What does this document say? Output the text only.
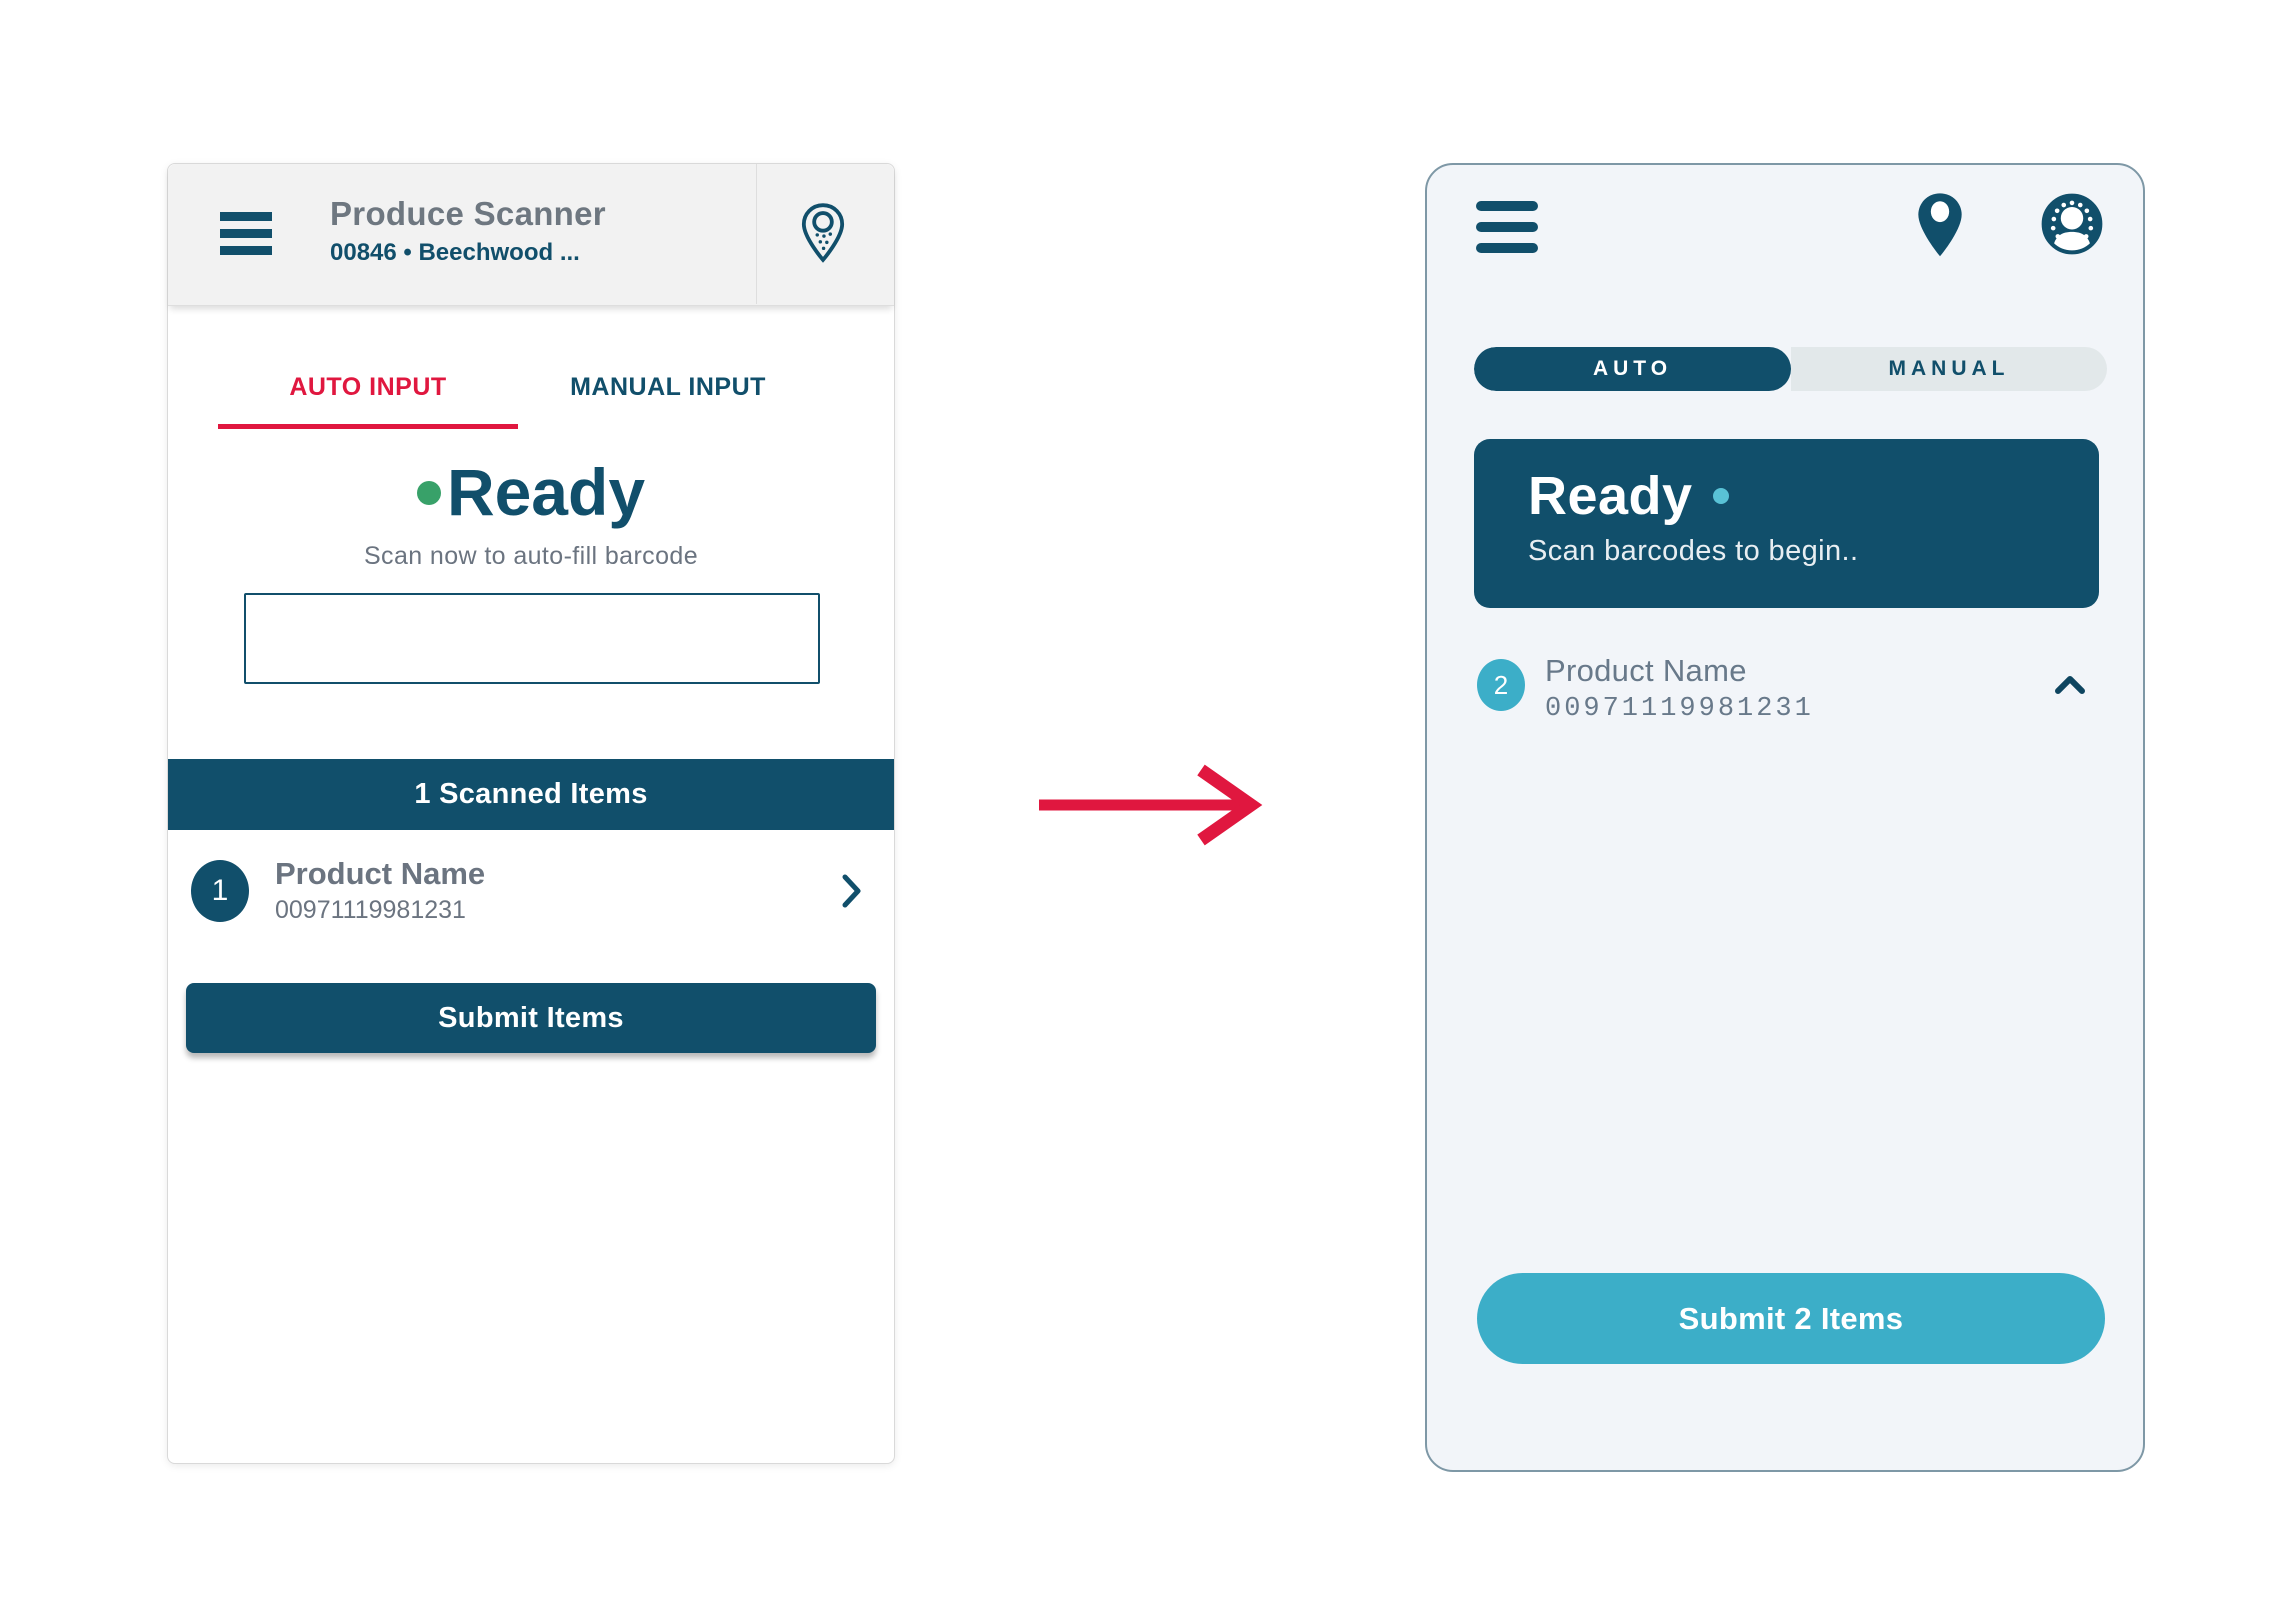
Produce Scanner
00846 • Beechwood ...
AUTO INPUT	MANUAL INPUT
Ready
Scan now to auto-fill barcode
1 Scanned Items
1	Product Name
00971119981231
Submit Items
AUTO	MANUAL
Ready
Scan barcodes to begin..
2	Product Name
00971119981231
Submit 2 Items
